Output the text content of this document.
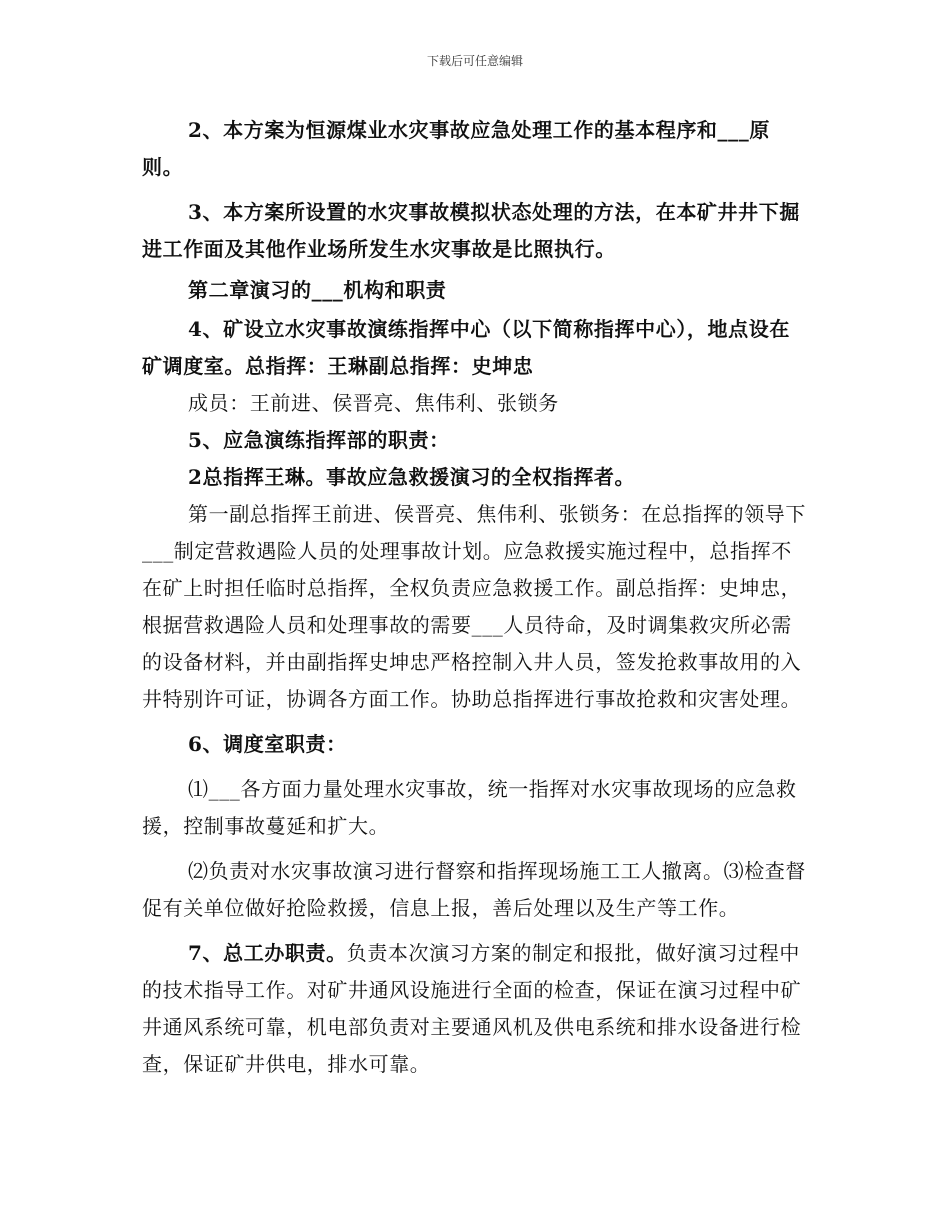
下载后可任意编辑

2、本方案为恒源煤业水灾事故应急处理工作的基本程序和___原则。

3、本方案所设置的水灾事故模拟状态处理的方法，在本矿井井下掘进工作面及其他作业场所发生水灾事故是比照执行。

第二章演习的___机构和职责

4、矿设立水灾事故演练指挥中心（以下简称指挥中心），地点设在矿调度室。总指挥：王琳副总指挥：史坤忠

成员：王前进、侯晋亮、焦伟利、张锁务

5、应急演练指挥部的职责：

2总指挥王琳。事故应急救援演习的全权指挥者。

第一副总指挥王前进、侯晋亮、焦伟利、张锁务：在总指挥的领导下___制定营救遇险人员的处理事故计划。应急救援实施过程中，总指挥不在矿上时担任临时总指挥，全权负责应急救援工作。副总指挥：史坤忠，根据营救遇险人员和处理事故的需要___人员待命，及时调集救灾所必需的设备材料，并由副指挥史坤忠严格控制入井人员，签发抢救事故用的入井特别许可证，协调各方面工作。协助总指挥进行事故抢救和灾害处理。

6、调度室职责：

⑴___各方面力量处理水灾事故，统一指挥对水灾事故现场的应急救援，控制事故蔓延和扩大。

⑵负责对水灾事故演习进行督察和指挥现场施工工人撤离。⑶检查督促有关单位做好抢险救援，信息上报，善后处理以及生产等工作。

7、总工办职责。负责本次演习方案的制定和报批，做好演习过程中的技术指导工作。对矿井通风设施进行全面的检查，保证在演习过程中矿井通风系统可靠，机电部负责对主要通风机及供电系统和排水设备进行检查，保证矿井供电，排水可靠。
